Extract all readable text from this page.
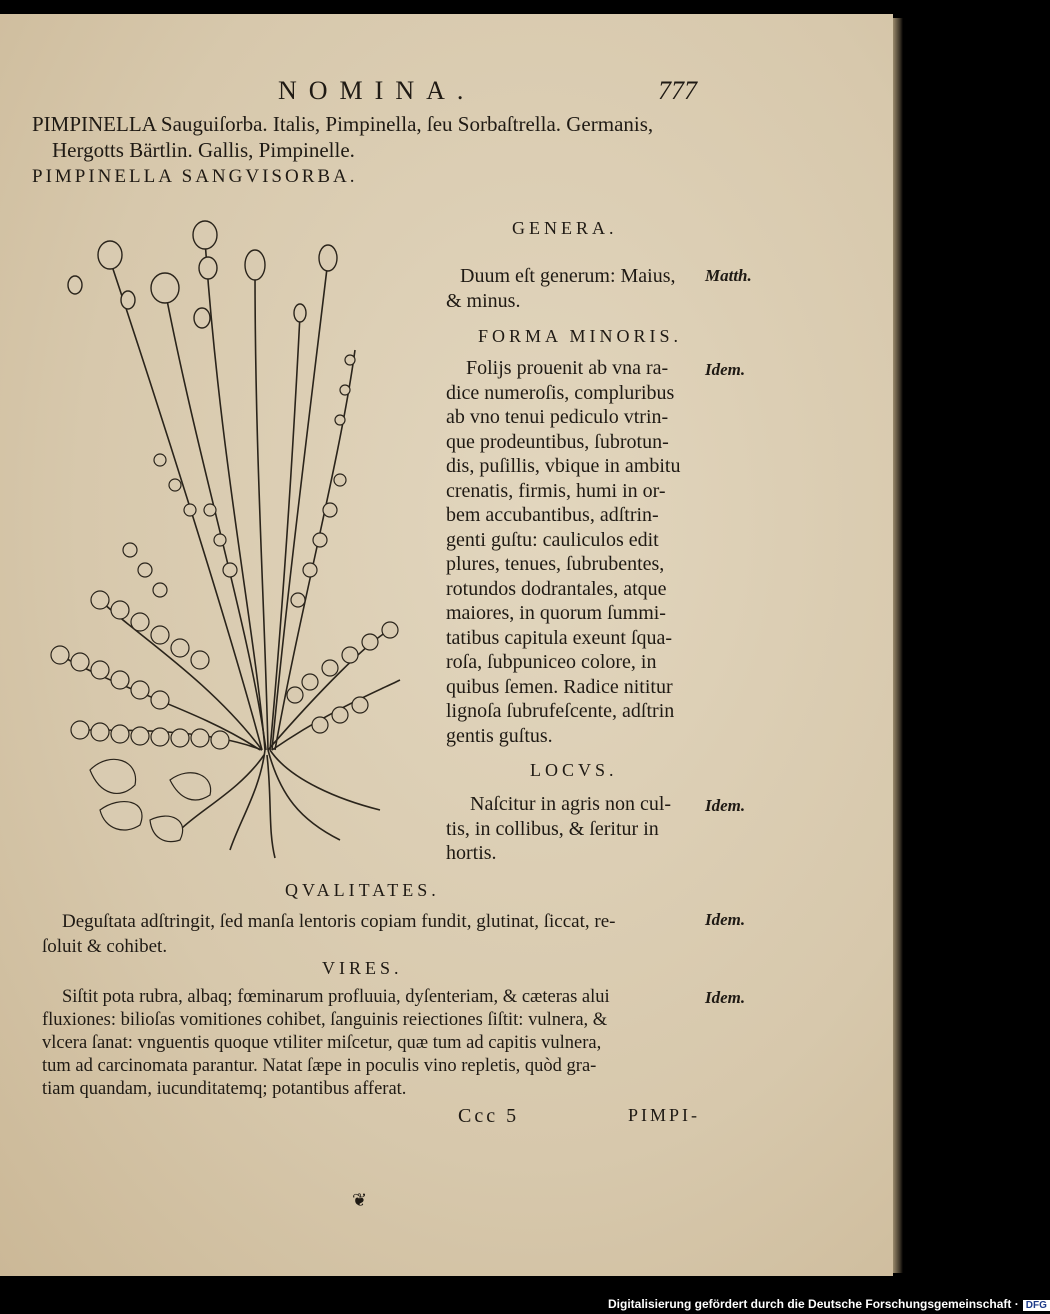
NOMINA.	777
PIMPINELLA Sauguiſorba. Italis, Pimpinella, ſeu Sorbaſtrella. Germanis,
Hergotts Bärtlin. Gallis, Pimpinelle.
PIMPINELLA SANGVISORBA.
GENERA.
Duum eſt generum: Maius,
& minus.
Matth.
FORMA MINORIS.
Folijs prouenit ab vna ra-
dice numeroſis, compluribus
ab vno tenui pediculo vtrin-
que prodeuntibus, ſubrotun-
dis, puſillis, vbique in ambitu
crenatis, firmis, humi in or-
bem accubantibus, adſtrin-
genti guſtu: cauliculos edit
plures, tenues, ſubrubentes,
rotundos dodrantales, atque
maiores, in quorum ſummi-
tatibus capitula exeunt ſqua-
roſa, ſubpuniceo colore, in
quibus ſemen. Radice nititur
lignoſa ſubrufeſcente, adſtrin
gentis guſtus.
Idem.
LOCVS.
Naſcitur in agris non cul-
tis, in collibus, & ſeritur in
hortis.
Idem.
QVALITATES.
Deguſtata adſtringit, ſed manſa lentoris copiam fundit, glutinat, ſiccat, re-
ſoluit & cohibet.
Idem.
VIRES.
Siſtit pota rubra, albaq; fœminarum profluuia, dyſenteriam, & cæteras alui
fluxiones: bilioſas vomitiones cohibet, ſanguinis reiectiones ſiſtit: vulnera, &
vlcera ſanat: vnguentis quoque vtiliter miſcetur, quæ tum ad capitis vulnera,
tum ad carcinomata parantur. Natat ſæpe in poculis vino repletis, quòd gra-
tiam quandam, iucunditatemq; potantibus afferat.
Idem.
Ccc 5	PIMPI-
❦
Digitalisierung gefördert durch die Deutsche Forschungsgemeinschaft · DFG
